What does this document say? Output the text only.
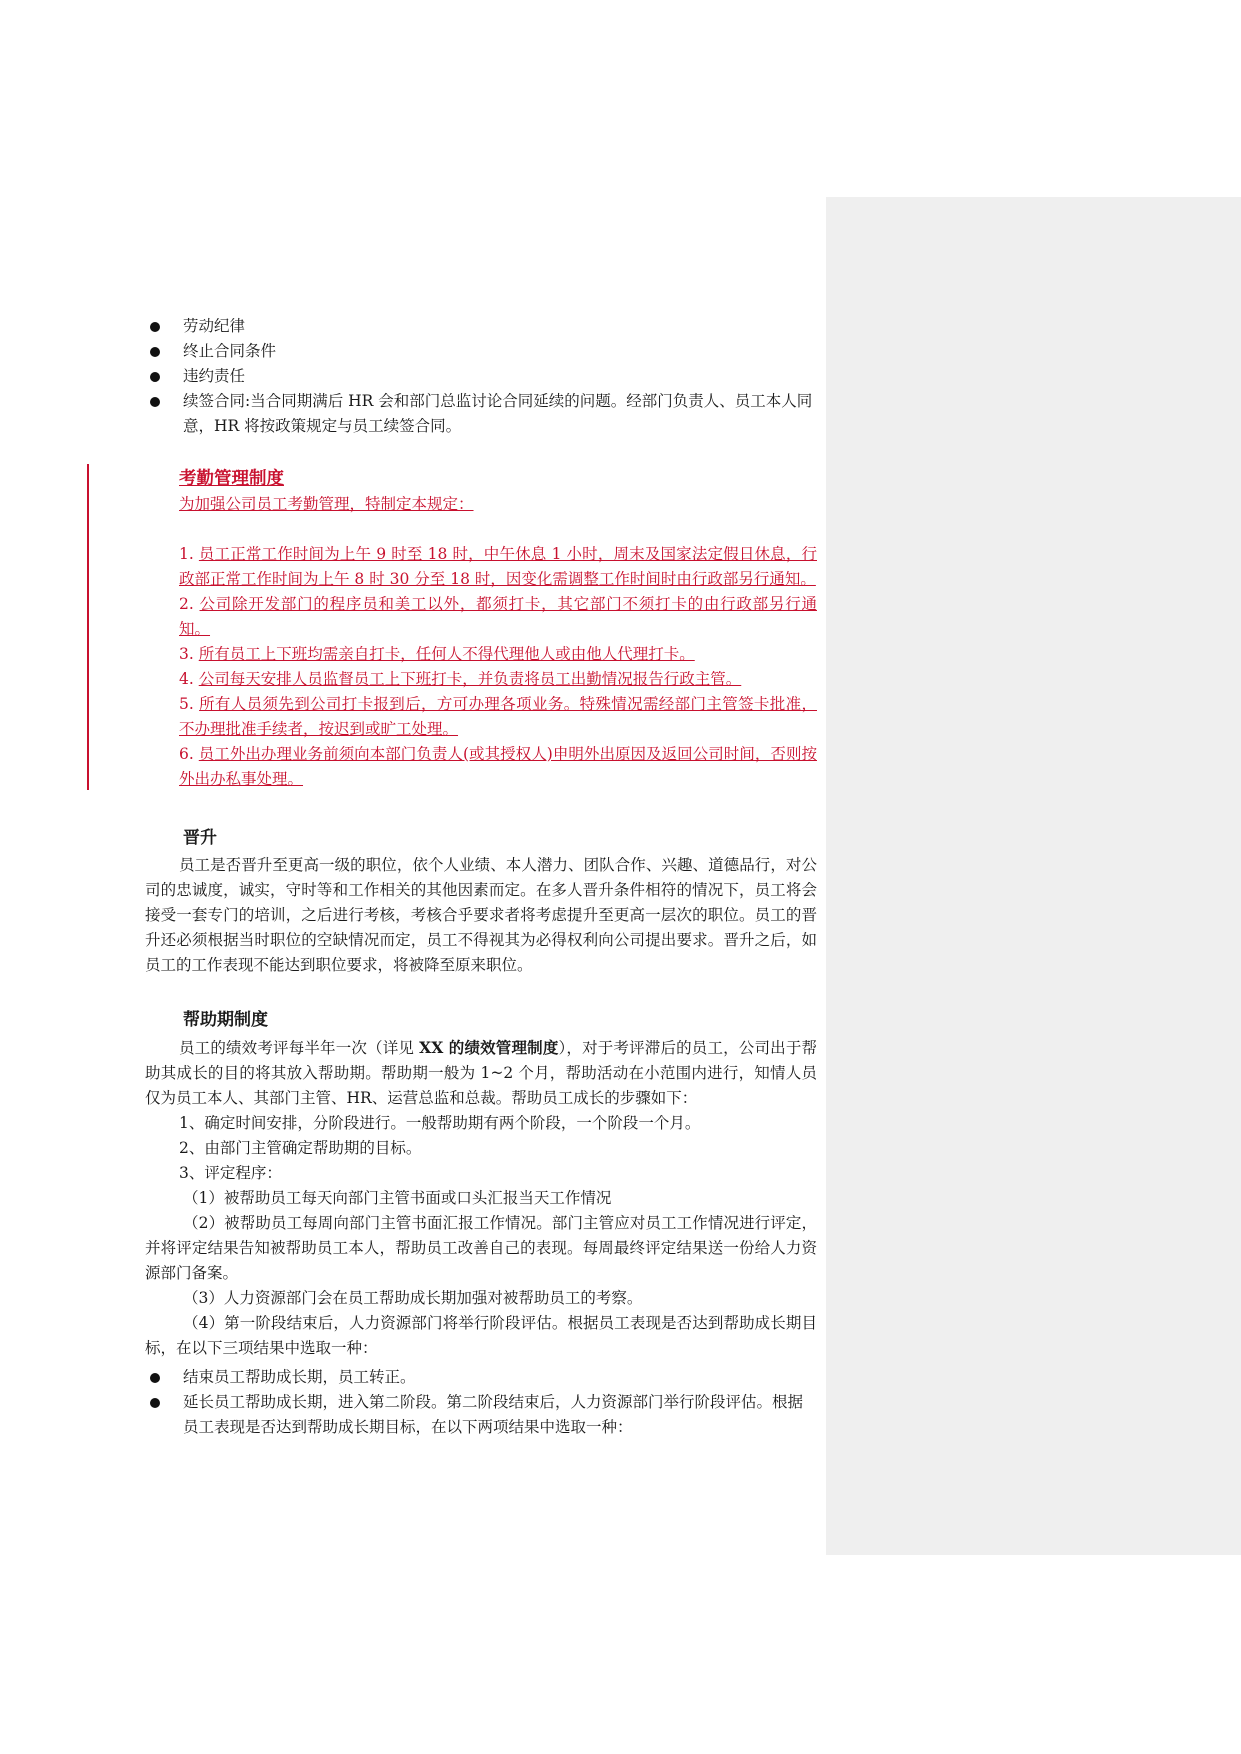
劳动纪律
终止合同条件
违约责任
续签合同:当合同期满后 HR 会和部门总监讨论合同延续的问题。经部门负责人、员工本人同意，HR 将按政策规定与员工续签合同。
考勤管理制度
为加强公司员工考勤管理，特制定本规定：
1. 员工正常工作时间为上午 9 时至 18 时，中午休息 1 小时，周末及国家法定假日休息，行政部正常工作时间为上午 8 时 30 分至 18 时，因变化需调整工作时间时由行政部另行通知。
2. 公司除开发部门的程序员和美工以外，都须打卡，其它部门不须打卡的由行政部另行通知。
3. 所有员工上下班均需亲自打卡，任何人不得代理他人或由他人代理打卡。
4. 公司每天安排人员监督员工上下班打卡，并负责将员工出勤情况报告行政主管。
5. 所有人员须先到公司打卡报到后，方可办理各项业务。特殊情况需经部门主管签卡批准，不办理批准手续者，按迟到或旷工处理。
6. 员工外出办理业务前须向本部门负责人(或其授权人)申明外出原因及返回公司时间，否则按外出办私事处理。
晋升

员工是否晋升至更高一级的职位，依个人业绩、本人潜力、团队合作、兴趣、道德品行，对公司的忠诚度，诚实，守时等和工作相关的其他因素而定。在多人晋升条件相符的情况下，员工将会接受一套专门的培训，之后进行考核，考核合乎要求者将考虑提升至更高一层次的职位。员工的晋升还必须根据当时职位的空缺情况而定，员工不得视其为必得权利向公司提出要求。晋升之后，如员工的工作表现不能达到职位要求，将被降至原来职位。

帮助期制度

员工的绩效考评每半年一次（详见 XX 的绩效管理制度），对于考评滞后的员工，公司出于帮助其成长的目的将其放入帮助期。帮助期一般为 1~2 个月，帮助活动在小范围内进行，知情人员仅为员工本人、其部门主管、HR、运营总监和总裁。帮助员工成长的步骤如下：

1、确定时间安排，分阶段进行。一般帮助期有两个阶段，一个阶段一个月。
2、由部门主管确定帮助期的目标。
3、评定程序：
（1）被帮助员工每天向部门主管书面或口头汇报当天工作情况
（2）被帮助员工每周向部门主管书面汇报工作情况。部门主管应对员工工作情况进行评定，并将评定结果告知被帮助员工本人，帮助员工改善自己的表现。每周最终评定结果送一份给人力资源部门备案。
（3）人力资源部门会在员工帮助成长期加强对被帮助员工的考察。
（4）第一阶段结束后，人力资源部门将举行阶段评估。根据员工表现是否达到帮助成长期目标，在以下三项结果中选取一种：
结束员工帮助成长期，员工转正。
延长员工帮助成长期，进入第二阶段。第二阶段结束后，人力资源部门举行阶段评估。根据员工表现是否达到帮助成长期目标，在以下两项结果中选取一种：
